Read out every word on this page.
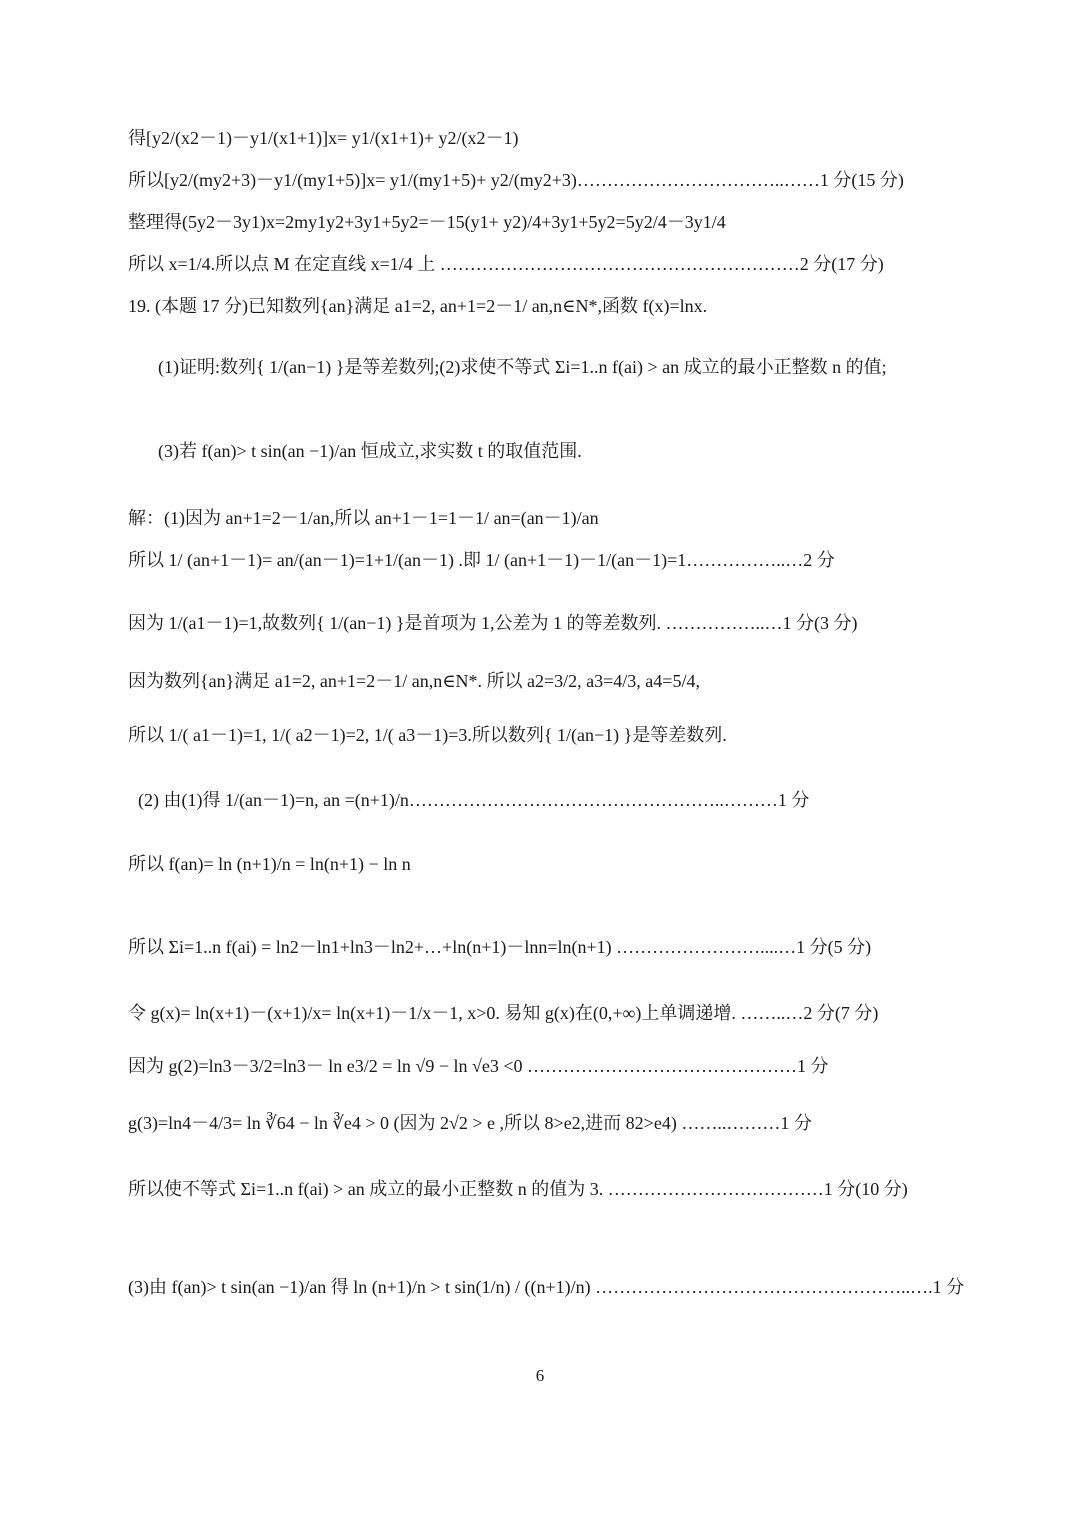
得[y2/(x2－1)－y1/(x1+1)]x= y1/(x1+1)+ y2/(x2－1)
所以[y2/(my2+3)－y1/(my1+5)]x= y1/(my1+5)+ y2/(my2+3)……………………………..……1 分(15 分)
整理得(5y2－3y1)x=2my1y2+3y1+5y2=－15(y1+ y2)/4+3y1+5y2=5y2/4－3y1/4
所以 x=1/4.所以点 M 在定直线 x=1/4 上 ……………………………………………………2 分(17 分)
19. (本题 17 分)已知数列{an}满足 a1=2, an+1=2－1/ an,n∈N*,函数 f(x)=lnx.
(1)证明:数列{ 1/(an−1) }是等差数列;(2)求使不等式 Σi=1..n f(ai) > an 成立的最小正整数 n 的值;
(3)若 f(an)> t sin(an −1)/an 恒成立,求实数 t 的取值范围.
解：(1)因为 an+1=2－1/an,所以 an+1－1=1－1/ an=(an－1)/an
所以 1/ (an+1－1)= an/(an－1)=1+1/(an－1) .即 1/ (an+1－1)－1/(an－1)=1……………..…2 分
因为 1/(a1－1)=1,故数列{ 1/(an−1) }是首项为 1,公差为 1 的等差数列. ……………..…1 分(3 分)
因为数列{an}满足 a1=2, an+1=2－1/ an,n∈N*. 所以 a2=3/2, a3=4/3, a4=5/4,
所以 1/( a1－1)=1, 1/( a2－1)=2, 1/( a3－1)=3.所以数列{ 1/(an−1) }是等差数列.
(2) 由(1)得 1/(an－1)=n, an =(n+1)/n……………………………………………..………1 分
所以 f(an)= ln (n+1)/n = ln(n+1) − ln n
所以 Σi=1..n f(ai) = ln2－ln1+ln3－ln2+…+ln(n+1)－lnn=ln(n+1) ……………………....…1 分(5 分)
令 g(x)= ln(x+1)－(x+1)/x= ln(x+1)－1/x－1, x>0. 易知 g(x)在(0,+∞)上单调递增. ……..…2 分(7 分)
因为 g(2)=ln3－3/2=ln3－ ln e3/2 = ln √9 − ln √e3 <0 ………………………………………1 分
g(3)=ln4－4/3= ln ∛64 − ln ∛e4 > 0 (因为 2√2 > e ,所以 8>e2,进而 82>e4) ……..………1 分
所以使不等式 Σi=1..n f(ai) > an 成立的最小正整数 n 的值为 3. ………………………………1 分(10 分)
(3)由 f(an)> t sin(an −1)/an 得 ln (n+1)/n > t sin(1/n) / ((n+1)/n) ……………………………………………..….1 分
6
